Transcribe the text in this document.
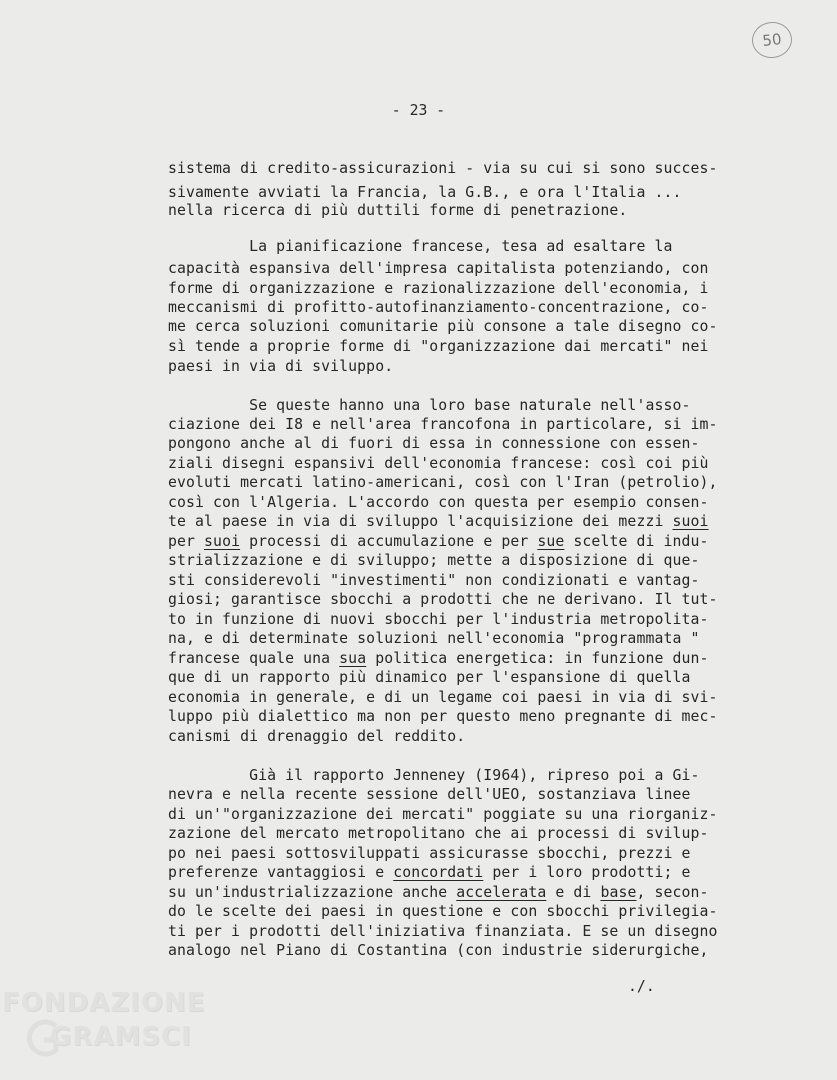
50
- 23 -
sistema di credito-assicurazioni - via su cui si sono succes-
sivamente avviati la Francia, la G.B., e ora l'Italia ...
nella ricerca di più duttili forme di penetrazione.
La pianificazione francese, tesa ad esaltare la
capacità espansiva dell'impresa capitalista potenziando, con
forme di organizzazione e razionalizzazione dell'economia, i
meccanismi di profitto-autofinanziamento-concentrazione, co-
me cerca soluzioni comunitarie più consone a tale disegno co-
sì tende a proprie forme di "organizzazione dai mercati" nei
paesi in via di sviluppo.
Se queste hanno una loro base naturale nell'asso-
ciazione dei I8 e nell'area francofona in particolare, si im-
pongono anche al di fuori di essa in connessione con essen-
ziali disegni espansivi dell'economia francese: così coi più
evoluti mercati latino-americani, così con l'Iran (petrolio),
così con l'Algeria. L'accordo con questa per esempio consen-
te al paese in via di sviluppo l'acquisizione dei mezzi suoi
per suoi processi di accumulazione e per sue scelte di indu-
strializzazione e di sviluppo; mette a disposizione di que-
sti considerevoli "investimenti" non condizionati e vantag-
giosi; garantisce sbocchi a prodotti che ne derivano. Il tut-
to in funzione di nuovi sbocchi per l'industria metropolita-
na, e di determinate soluzioni nell'economia "programmata "
francese quale una sua politica energetica: in funzione dun-
que di un rapporto più dinamico per l'espansione di quella
economia in generale, e di un legame coi paesi in via di svi-
luppo più dialettico ma non per questo meno pregnante di mec-
canismi di drenaggio del reddito.
Già il rapporto Jenneney (I964), ripreso poi a Gi-
nevra e nella recente sessione dell'UEO, sostanziava linee
di un'"organizzazione dei mercati" poggiate su una riorganiz-
zazione del mercato metropolitano che ai processi di svilup-
po nei paesi sottosviluppati assicurasse sbocchi, prezzi e
preferenze vantaggiosi e concordati per i loro prodotti; e
su un'industrializzazione anche accelerata e di base, secon-
do le scelte dei paesi in questione e con sbocchi privilegia-
ti per i prodotti dell'iniziativa finanziata. E se un disegno
analogo nel Piano di Costantina (con industrie siderurgiche,
./.
FONDAZIONE
GRAMSCI
